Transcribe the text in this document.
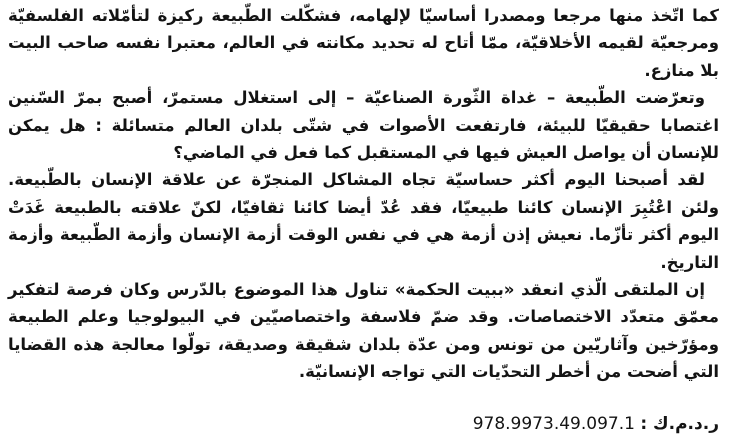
كما اتّخذ منها مرجعا ومصدرا أساسيّا لإلهامه، فشكّلت الطّبيعة ركيزة لتأمّلاته الفلسفيّة ومرجعيّة لقيمه الأخلاقيّة، ممّا أتاح له تحديد مكانته في العالم، معتبرا نفسه صاحب البيت بلا منازع.

وتعرّضت الطّبيعة – غداة الثّورة الصناعيّة – إلى استغلال مستمرّ، أصبح بمرّ السّنين اغتصابا حقيقيّا للبيئة، فارتفعت الأصوات في شتّى بلدان العالم متسائلة : هل يمكن للإنسان أن يواصل العيش فيها في المستقبل كما فعل في الماضي؟

لقد أصبحنا اليوم أكثر حساسيّة تجاه المشاكل المنجرّة عن علاقة الإنسان بالطّبيعة. ولئن اعْتُبِرَ الإنسان كائنا طبيعيّا، فقد عُدّ أيضا كائنا ثقافيّا، لكنّ علاقته بالطبيعة غَدَتْ اليوم أكثر تأزّما. نعيش إذن أزمة هي في نفس الوقت أزمة الإنسان وأزمة الطّبيعة وأزمة التاريخ.

إن الملتقى الّذي انعقد «ببيت الحكمة» تناول هذا الموضوع بالدّرس وكان فرصة لتفكير معمّق متعدّد الاختصاصات. وقد ضمّ فلاسفة واختصاصيّين في البيولوجيا وعلم الطبيعة ومؤرّخين وآثاريّين من تونس ومن عدّة بلدان شقيقة وصديقة، تولّوا معالجة هذه القضايا التي أضحت من أخطر التحدّيات التي تواجه الإنسانيّة.

ر.د.م.ك : 978.9973.49.097.1
